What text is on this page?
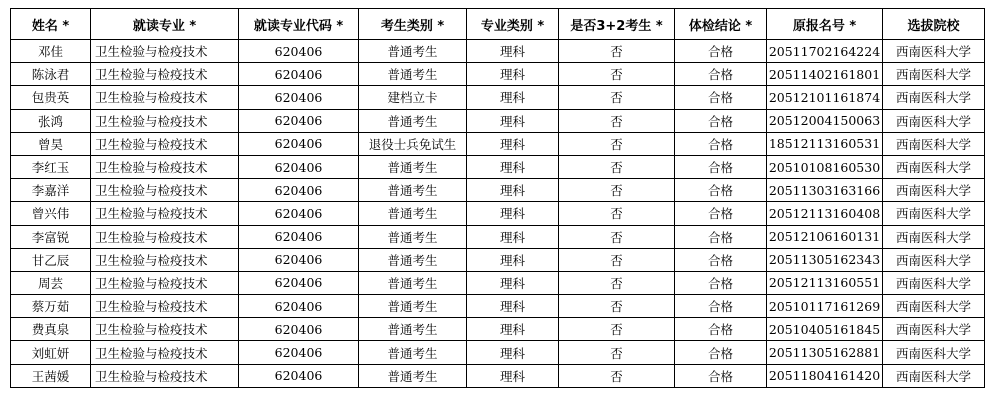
姓名 *	就读专业 *	就读专业代码 *	考生类别 *	专业类别 *	是否3+2考生 *	体检结论 *	原报名号 *	选拔院校
邓佳	卫生检验与检疫技术	620406	普通考生	理科	否	合格	20511702164224	西南医科大学
陈泳君	卫生检验与检疫技术	620406	普通考生	理科	否	合格	20511402161801	西南医科大学
包贵英	卫生检验与检疫技术	620406	建档立卡	理科	否	合格	20512101161874	西南医科大学
张鸿	卫生检验与检疫技术	620406	普通考生	理科	否	合格	20512004150063	西南医科大学
曾昊	卫生检验与检疫技术	620406	退役士兵免试生	理科	否	合格	18512113160531	西南医科大学
李红玉	卫生检验与检疫技术	620406	普通考生	理科	否	合格	20510108160530	西南医科大学
李嘉洋	卫生检验与检疫技术	620406	普通考生	理科	否	合格	20511303163166	西南医科大学
曾兴伟	卫生检验与检疫技术	620406	普通考生	理科	否	合格	20512113160408	西南医科大学
李富锐	卫生检验与检疫技术	620406	普通考生	理科	否	合格	20512106160131	西南医科大学
甘乙辰	卫生检验与检疫技术	620406	普通考生	理科	否	合格	20511305162343	西南医科大学
周芸	卫生检验与检疫技术	620406	普通考生	理科	否	合格	20512113160551	西南医科大学
蔡万茹	卫生检验与检疫技术	620406	普通考生	理科	否	合格	20510117161269	西南医科大学
费真泉	卫生检验与检疫技术	620406	普通考生	理科	否	合格	20510405161845	西南医科大学
刘虹妍	卫生检验与检疫技术	620406	普通考生	理科	否	合格	20511305162881	西南医科大学
王茜媛	卫生检验与检疫技术	620406	普通考生	理科	否	合格	20511804161420	西南医科大学
